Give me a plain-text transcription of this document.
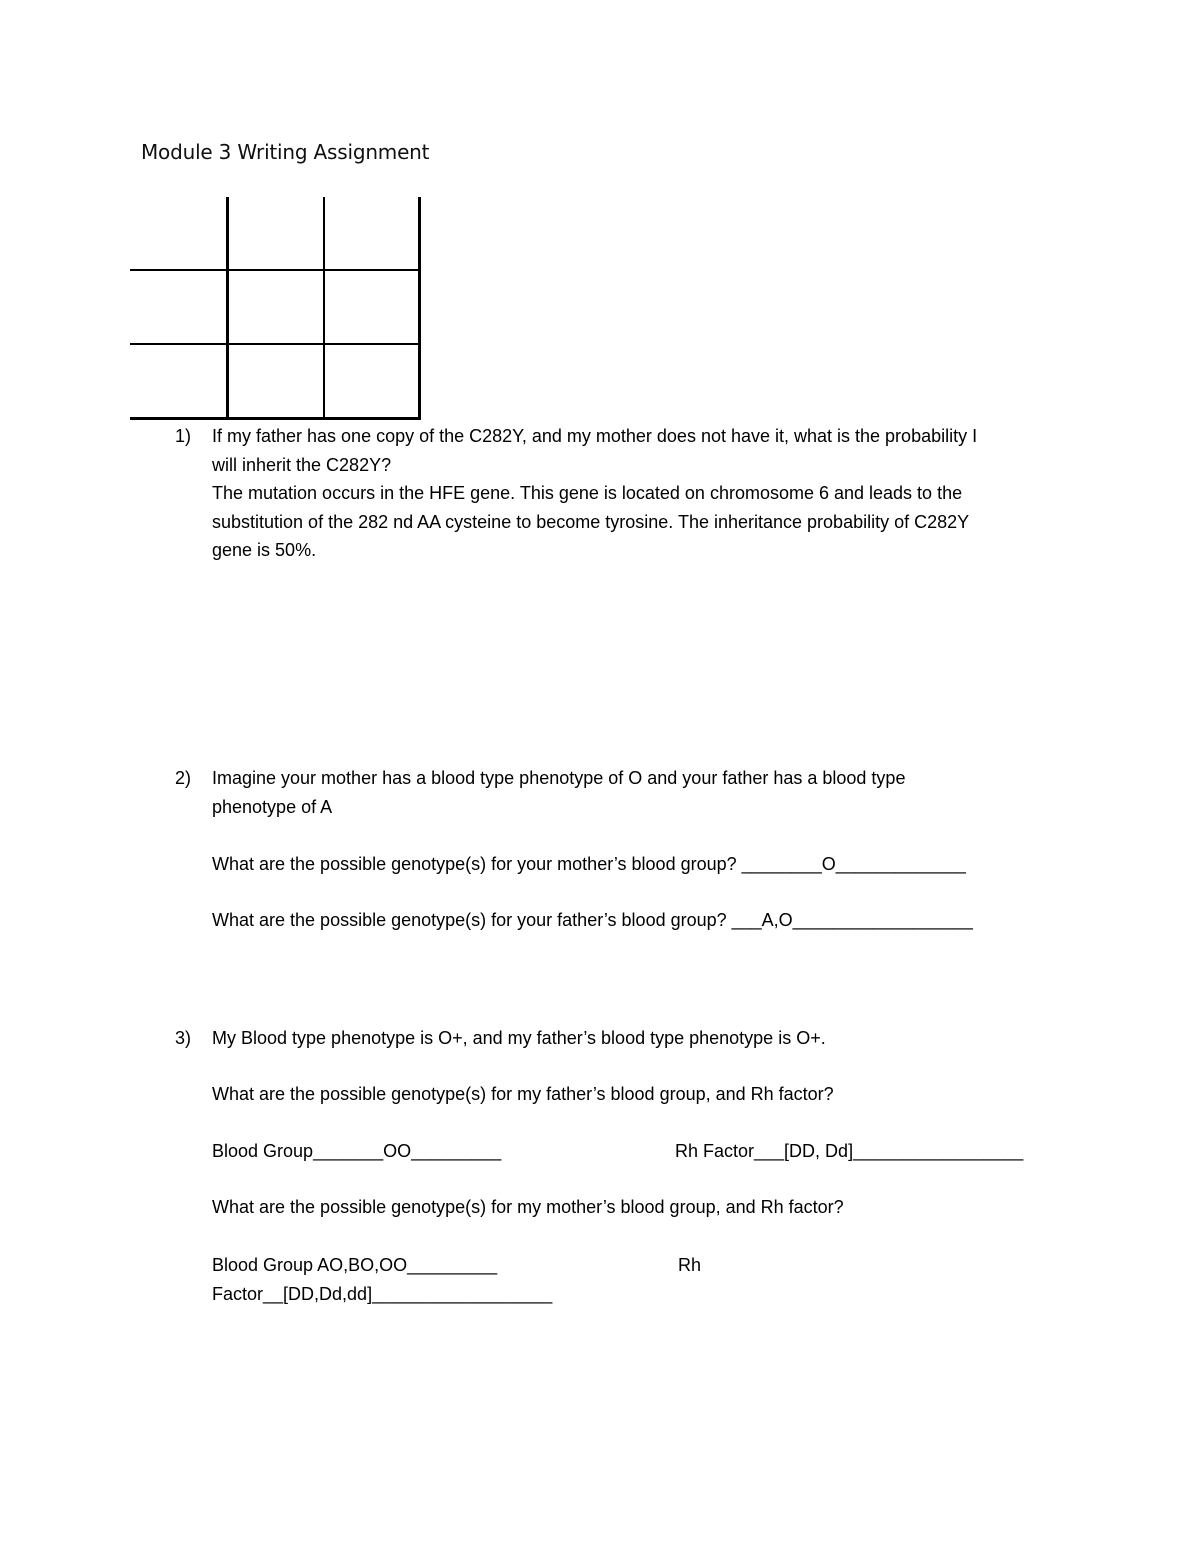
Module 3 Writing Assignment
1)	If my father has one copy of the C282Y, and my mother does not have it, what is the probability I
will inherit the C282Y?
The mutation occurs in the HFE gene. This gene is located on chromosome 6 and leads to the
substitution of the 282 nd AA cysteine to become tyrosine. The inheritance probability of C282Y
gene is 50%.
2)	Imagine your mother has a blood type phenotype of O and your father has a blood type
phenotype of A
What are the possible genotype(s) for your mother’s blood group? ________O_____________
What are the possible genotype(s) for your father’s blood group? ___A,O__________________
3)	My Blood type phenotype is O+, and my father’s blood type phenotype is O+.
What are the possible genotype(s) for my father’s blood group, and Rh factor?
Blood Group_______OO_________	Rh Factor___[DD, Dd]_________________
What are the possible genotype(s) for my mother’s blood group, and Rh factor?
Blood Group AO,BO,OO_________	Rh
Factor__[DD,Dd,dd]__________________
